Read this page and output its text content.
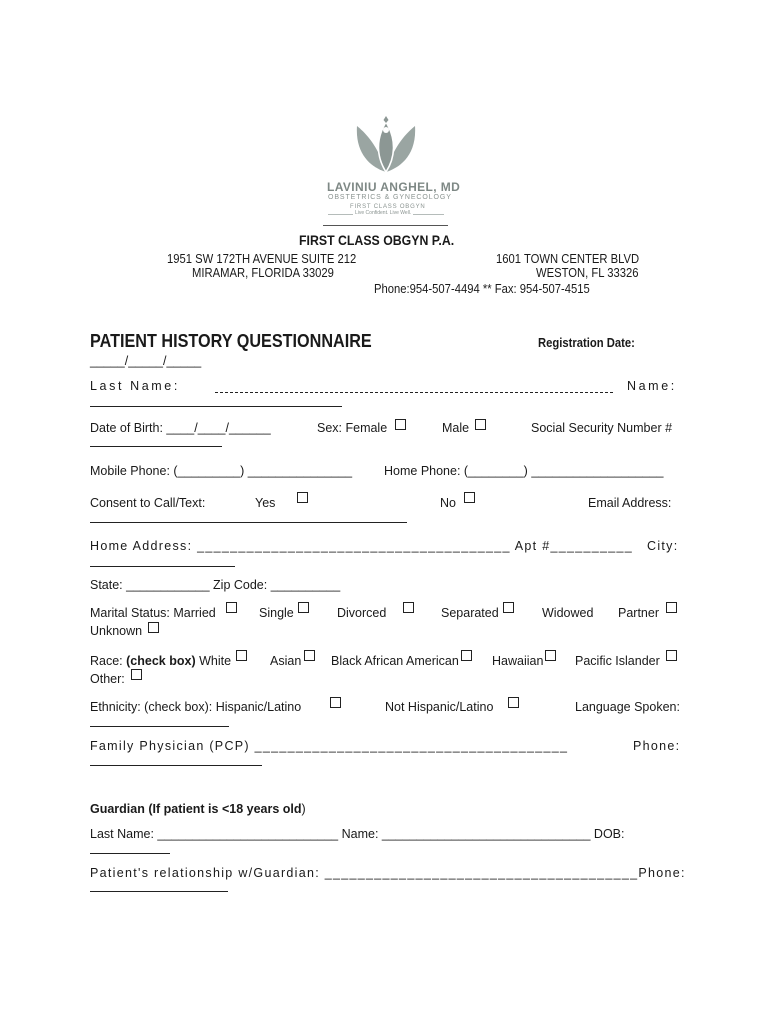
LAVINIU ANGHEL, MD
OBSTETRICS & GYNECOLOGY
FIRST CLASS OBGYN
Live Confident. Live Well.
FIRST CLASS OBGYN P.A.
1951 SW 172TH AVENUE SUITE 212
MIRAMAR, FLORIDA 33029
1601 TOWN CENTER BLVD
WESTON, FL 33326
Phone:954-507-4494 ** Fax: 954-507-4515
PATIENT HISTORY QUESTIONNAIRE	Registration Date:
_____/_____/_____
Last Name:	Name:
Date of Birth: ____/____/______	Sex: Female	Male	Social Security Number #
Mobile Phone: (_________) _______________	Home Phone: (________) ___________________
Consent to Call/Text:	Yes	No	Email Address:
Home Address: ______________________________________ Apt #__________ City:
State: ____________ Zip Code: __________
Marital Status: Married	Single	Divorced	Separated	Widowed Partner
Unknown
Race: (check box) White	Asian Black African American	Hawaiian	Pacific Islander
Other:
Ethnicity: (check box): Hispanic/Latino	Not Hispanic/Latino	Language Spoken:
Family Physician (PCP) ______________________________________	Phone:
Guardian (If patient is <18 years old)
Last Name: __________________________ Name: ______________________________ DOB:
Patient's relationship w/Guardian: ______________________________________Phone:
